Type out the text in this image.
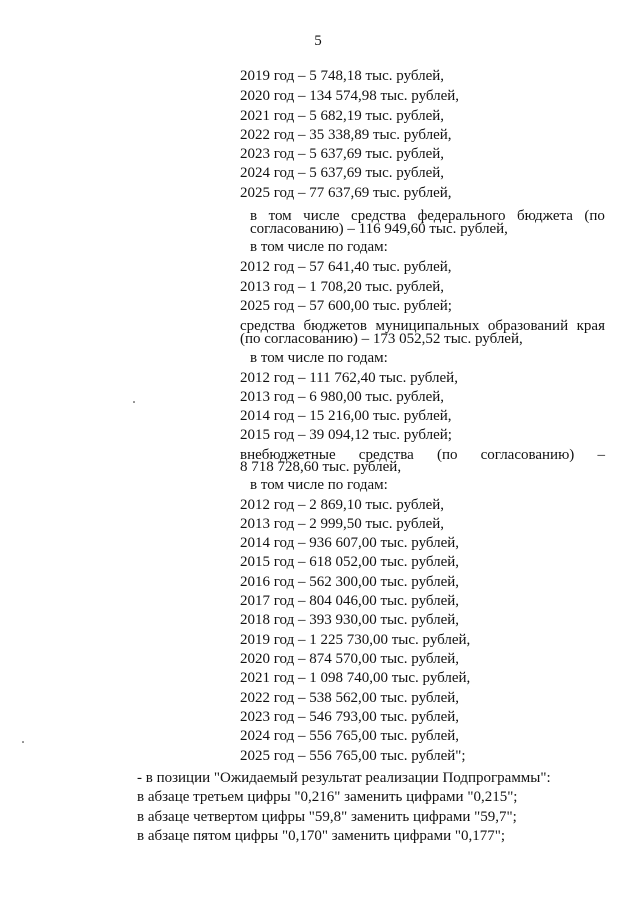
5
2019 год – 5 748,18 тыс. рублей,
2020 год – 134 574,98 тыс. рублей,
2021 год – 5 682,19 тыс. рублей,
2022 год – 35 338,89 тыс. рублей,
2023 год – 5 637,69 тыс. рублей,
2024 год – 5 637,69 тыс. рублей,
2025 год – 77 637,69 тыс. рублей,
в том числе средства федерального бюджета (по
согласованию) – 116 949,60 тыс. рублей,
в том числе по годам:
2012 год – 57 641,40 тыс. рублей,
2013 год – 1 708,20 тыс. рублей,
2025 год – 57 600,00 тыс. рублей;
средства бюджетов муниципальных образований края
(по согласованию) – 173 052,52 тыс. рублей,
в том числе по годам:
2012 год – 111 762,40 тыс. рублей,
2013 год – 6 980,00 тыс. рублей,
2014 год – 15 216,00 тыс. рублей,
2015 год – 39 094,12 тыс. рублей;
внебюджетные средства (по согласованию) –
8 718 728,60 тыс. рублей,
в том числе по годам:
2012 год – 2 869,10 тыс. рублей,
2013 год – 2 999,50 тыс. рублей,
2014 год – 936 607,00 тыс. рублей,
2015 год – 618 052,00 тыс. рублей,
2016 год – 562 300,00 тыс. рублей,
2017 год – 804 046,00 тыс. рублей,
2018 год – 393 930,00 тыс. рублей,
2019 год – 1 225 730,00 тыс. рублей,
2020 год – 874 570,00 тыс. рублей,
2021 год – 1 098 740,00 тыс. рублей,
2022 год – 538 562,00 тыс. рублей,
2023 год – 546 793,00 тыс. рублей,
2024 год – 556 765,00 тыс. рублей,
2025 год – 556 765,00 тыс. рублей";
- в позиции "Ожидаемый результат реализации Подпрограммы":
в абзаце третьем цифры "0,216" заменить цифрами "0,215";
в абзаце четвертом цифры "59,8" заменить цифрами "59,7";
в абзаце пятом цифры "0,170" заменить цифрами "0,177";
